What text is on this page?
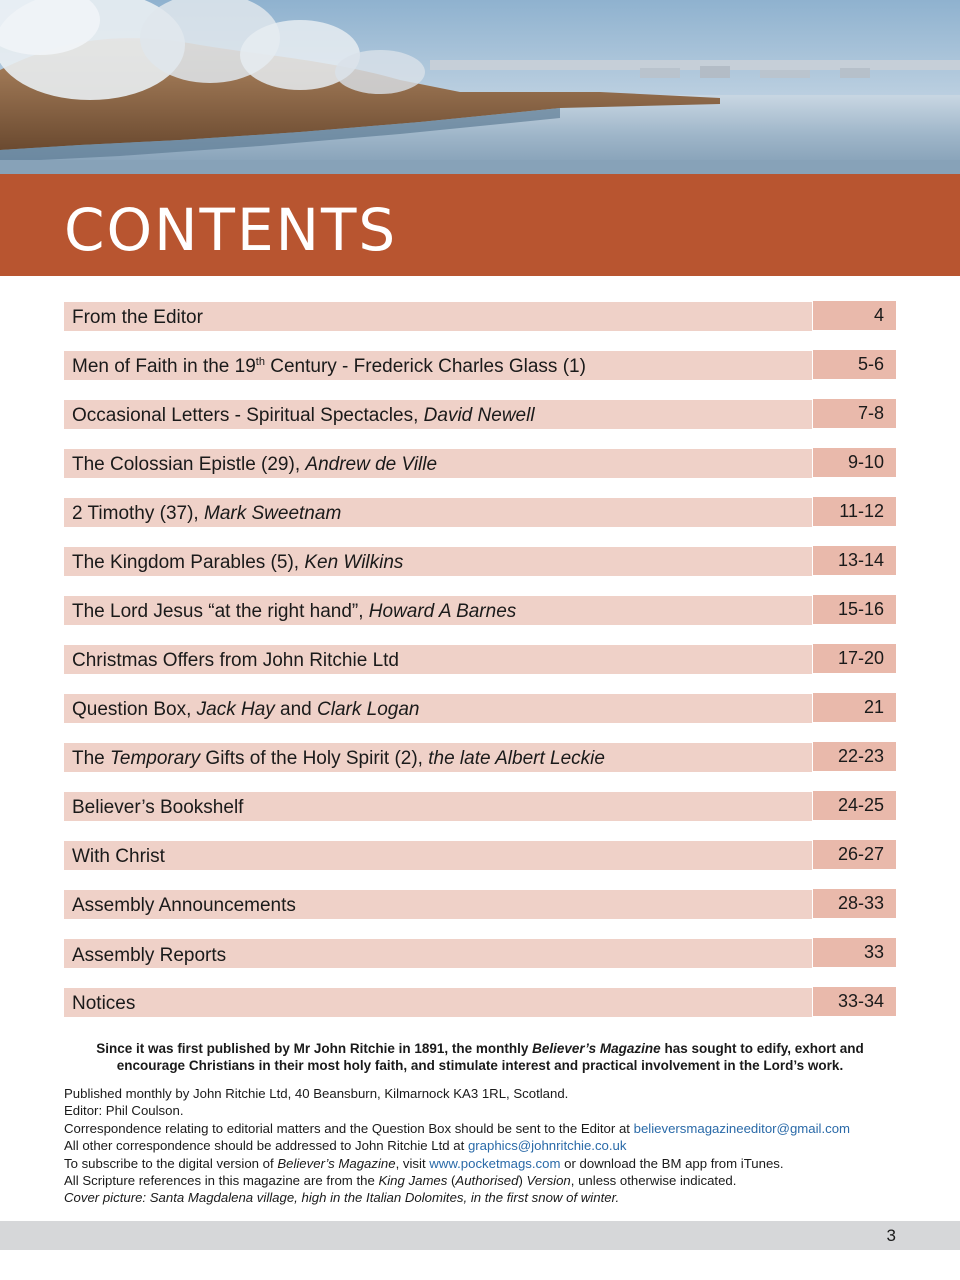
CONTENTS
From the Editor	4
Men of Faith in the 19th Century - Frederick Charles Glass (1)	5-6
Occasional Letters - Spiritual Spectacles, David Newell	7-8
The Colossian Epistle (29), Andrew de Ville	9-10
2 Timothy (37), Mark Sweetnam	11-12
The Kingdom Parables (5), Ken Wilkins	13-14
The Lord Jesus “at the right hand”, Howard A Barnes	15-16
Christmas Offers from John Ritchie Ltd	17-20
Question Box, Jack Hay and Clark Logan	21
The Temporary Gifts of the Holy Spirit (2), the late Albert Leckie	22-23
Believer’s Bookshelf	24-25
With Christ	26-27
Assembly Announcements	28-33
Assembly Reports	33
Notices	33-34
Since it was first published by Mr John Ritchie in 1891, the monthly Believer’s Magazine has sought to edify, exhort and encourage Christians in their most holy faith, and stimulate interest and practical involvement in the Lord’s work.
Published monthly by John Ritchie Ltd, 40 Beansburn, Kilmarnock KA3 1RL, Scotland.
Editor: Phil Coulson.
Correspondence relating to editorial matters and the Question Box should be sent to the Editor at believersmagazineeditor@gmail.com
All other correspondence should be addressed to John Ritchie Ltd at graphics@johnritchie.co.uk
To subscribe to the digital version of Believer’s Magazine, visit www.pocketmags.com or download the BM app from iTunes.
All Scripture references in this magazine are from the King James (Authorised) Version, unless otherwise indicated.
Cover picture: Santa Magdalena village, high in the Italian Dolomites, in the first snow of winter.
3
